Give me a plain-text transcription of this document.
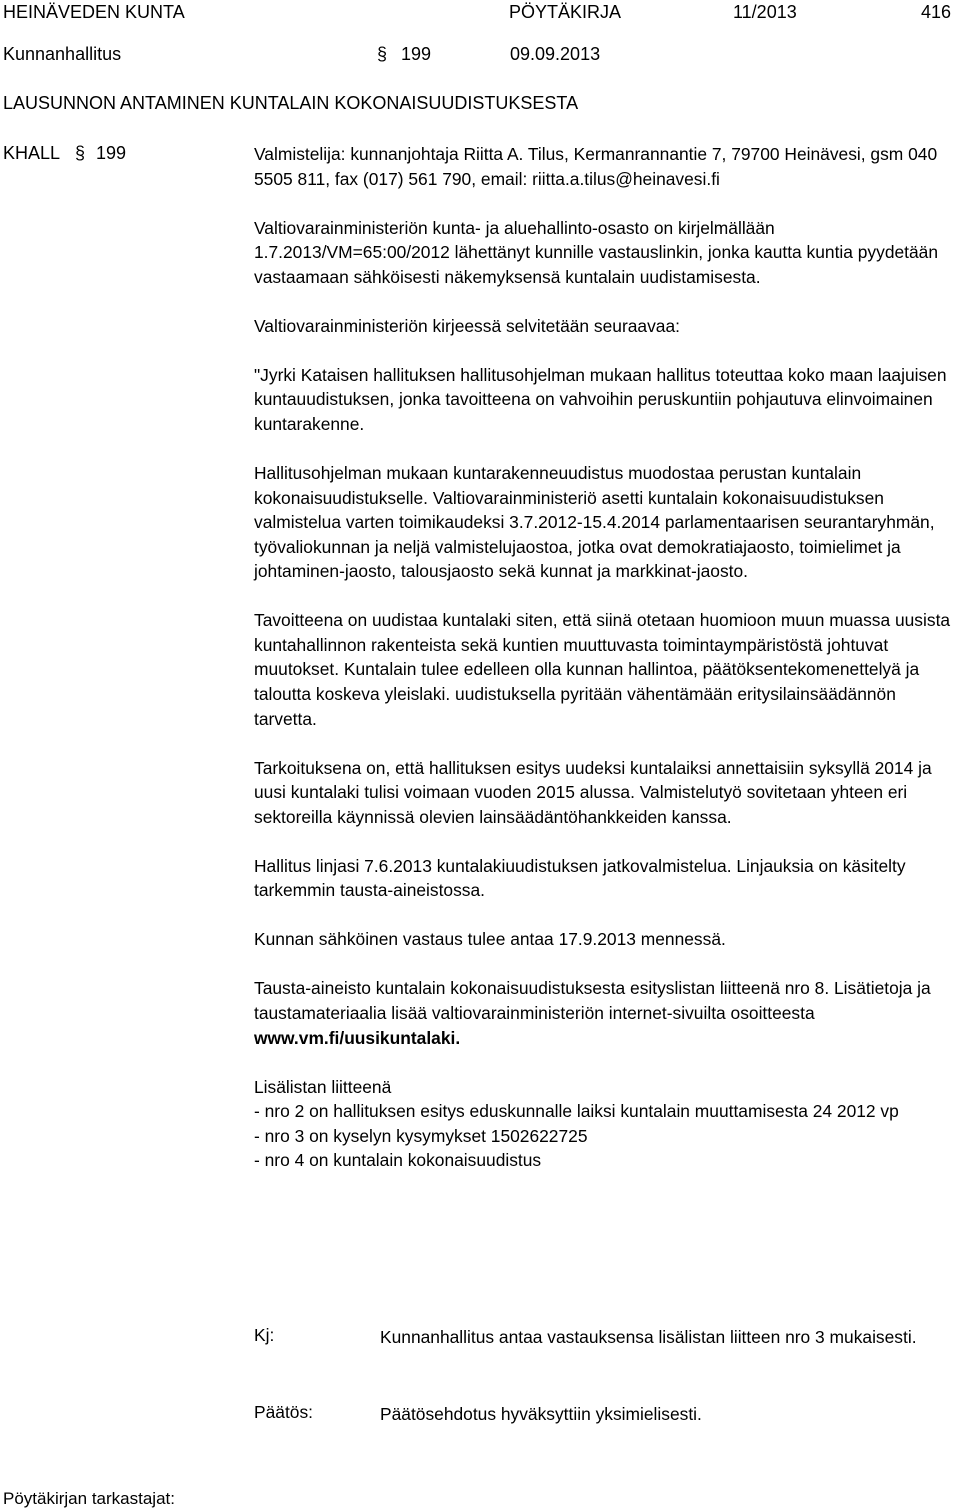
HEINÄVEDEN KUNTA	PÖYTÄKIRJA	11/2013	416
Kunnanhallitus	§ 199	09.09.2013
LAUSUNNON ANTAMINEN KUNTALAIN KOKONAISUUDISTUKSESTA
KHALL § 199	Valmistelija: kunnanjohtaja Riitta A. Tilus, Kermanrannantie 7, 79700 Heinävesi, gsm 040 5505 811, fax (017) 561 790, email: riitta.a.tilus@heinavesi.fi

Valtiovarainministeriön kunta- ja aluehallinto-osasto on kirjelmällään 1.7.2013/VM=65:00/2012 lähettänyt kunnille vastauslinkin, jonka kautta kuntia pyydetään vastaamaan sähköisesti näkemyksensä kuntalain uudistamisesta.

Valtiovarainministeriön kirjeessä selvitetään seuraavaa:

"Jyrki Kataisen hallituksen hallitusohjelman mukaan hallitus toteuttaa koko maan laajuisen kuntauudistuksen, jonka tavoitteena on vahvoihin peruskuntiin pohjautuva elinvoimainen kuntarakenne.

Hallitusohjelman mukaan kuntarakenneuudistus muodostaa perustan kuntalain kokonaisuudistukselle. Valtiovarainministeriö asetti kuntalain kokonaisuudistuksen valmistelua varten toimikaudeksi 3.7.2012-15.4.2014 parlamentaarisen seurantaryhmän, työvaliokunnan ja neljä valmistelujaostoa, jotka ovat demokratiajaosto, toimielimet ja johtaminen-jaosto, talousjaosto sekä kunnat ja markkinat-jaosto.

Tavoitteena on uudistaa kuntalaki siten, että siinä otetaan huomioon muun muassa uusista kuntahallinnon rakenteista sekä kuntien muuttuvasta toimintaympäristöstä johtuvat muutokset. Kuntalain tulee edelleen olla kunnan hallintoa, päätöksentekomenettelyä ja taloutta koskeva yleislaki. uudistuksella pyritään vähentämään eritysilainsäädännön tarvetta.

Tarkoituksena on, että hallituksen esitys uudeksi kuntalaiksi annettaisiin syksyllä 2014 ja uusi kuntalaki tulisi voimaan vuoden 2015 alussa. Valmistelutyö sovitetaan yhteen eri sektoreilla käynnissä olevien lainsäädäntöhankkeiden kanssa.

Hallitus linjasi 7.6.2013 kuntalakiuudistuksen jatkovalmistelua. Linjauksia on käsitelty tarkemmin tausta-aineistossa.

Kunnan sähköinen vastaus tulee antaa 17.9.2013 mennessä.

Tausta-aineisto kuntalain kokonaisuudistuksesta esityslistan liitteenä nro 8. Lisätietoja ja taustamateriaalia lisää valtiovarainministeriön internet-sivuilta osoitteesta www.vm.fi/uusikuntalaki.

Lisälistan liitteenä

- nro 2 on hallituksen esitys eduskunnalle laiksi kuntalain muuttamisesta 24 2012 vp

- nro 3 on kyselyn kysymykset 1502622725

- nro 4 on kuntalain kokonaisuudistus

Kj:	Kunnanhallitus antaa vastauksensa lisälistan liitteen nro 3 mukaisesti.
Päätös:	Päätösehdotus hyväksyttiin yksimielisesti.
Pöytäkirjan tarkastajat:
